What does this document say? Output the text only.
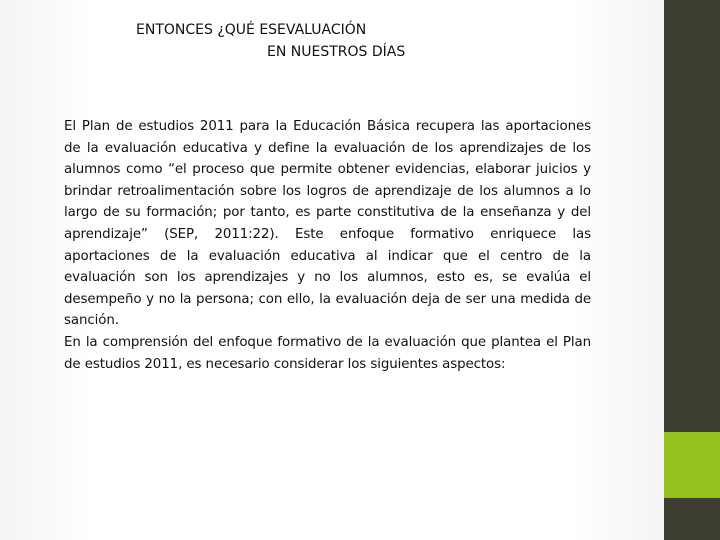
ENTONCES ¿QUÉ ESEVALUACIÓN
EN NUESTROS DÍAS

El Plan de estudios 2011 para la Educación Básica recupera las aportaciones de la evaluación educativa y define la evaluación de los aprendizajes de los alumnos como “el proceso que permite obtener evidencias, elaborar juicios y brindar retroalimentación sobre los logros de aprendizaje de los alumnos a lo largo de su formación; por tanto, es parte constitutiva de la enseñanza y del aprendizaje” (SEP, 2011:22). Este enfoque formativo enriquece las aportaciones de la evaluación educativa al indicar que el centro de la evaluación son los aprendizajes y no los alumnos, esto es, se evalúa el desempeño y no la persona; con ello, la evaluación deja de ser una medida de sanción.

En la comprensión del enfoque formativo de la evaluación que plantea el Plan de estudios 2011, es necesario considerar los siguientes aspectos:
